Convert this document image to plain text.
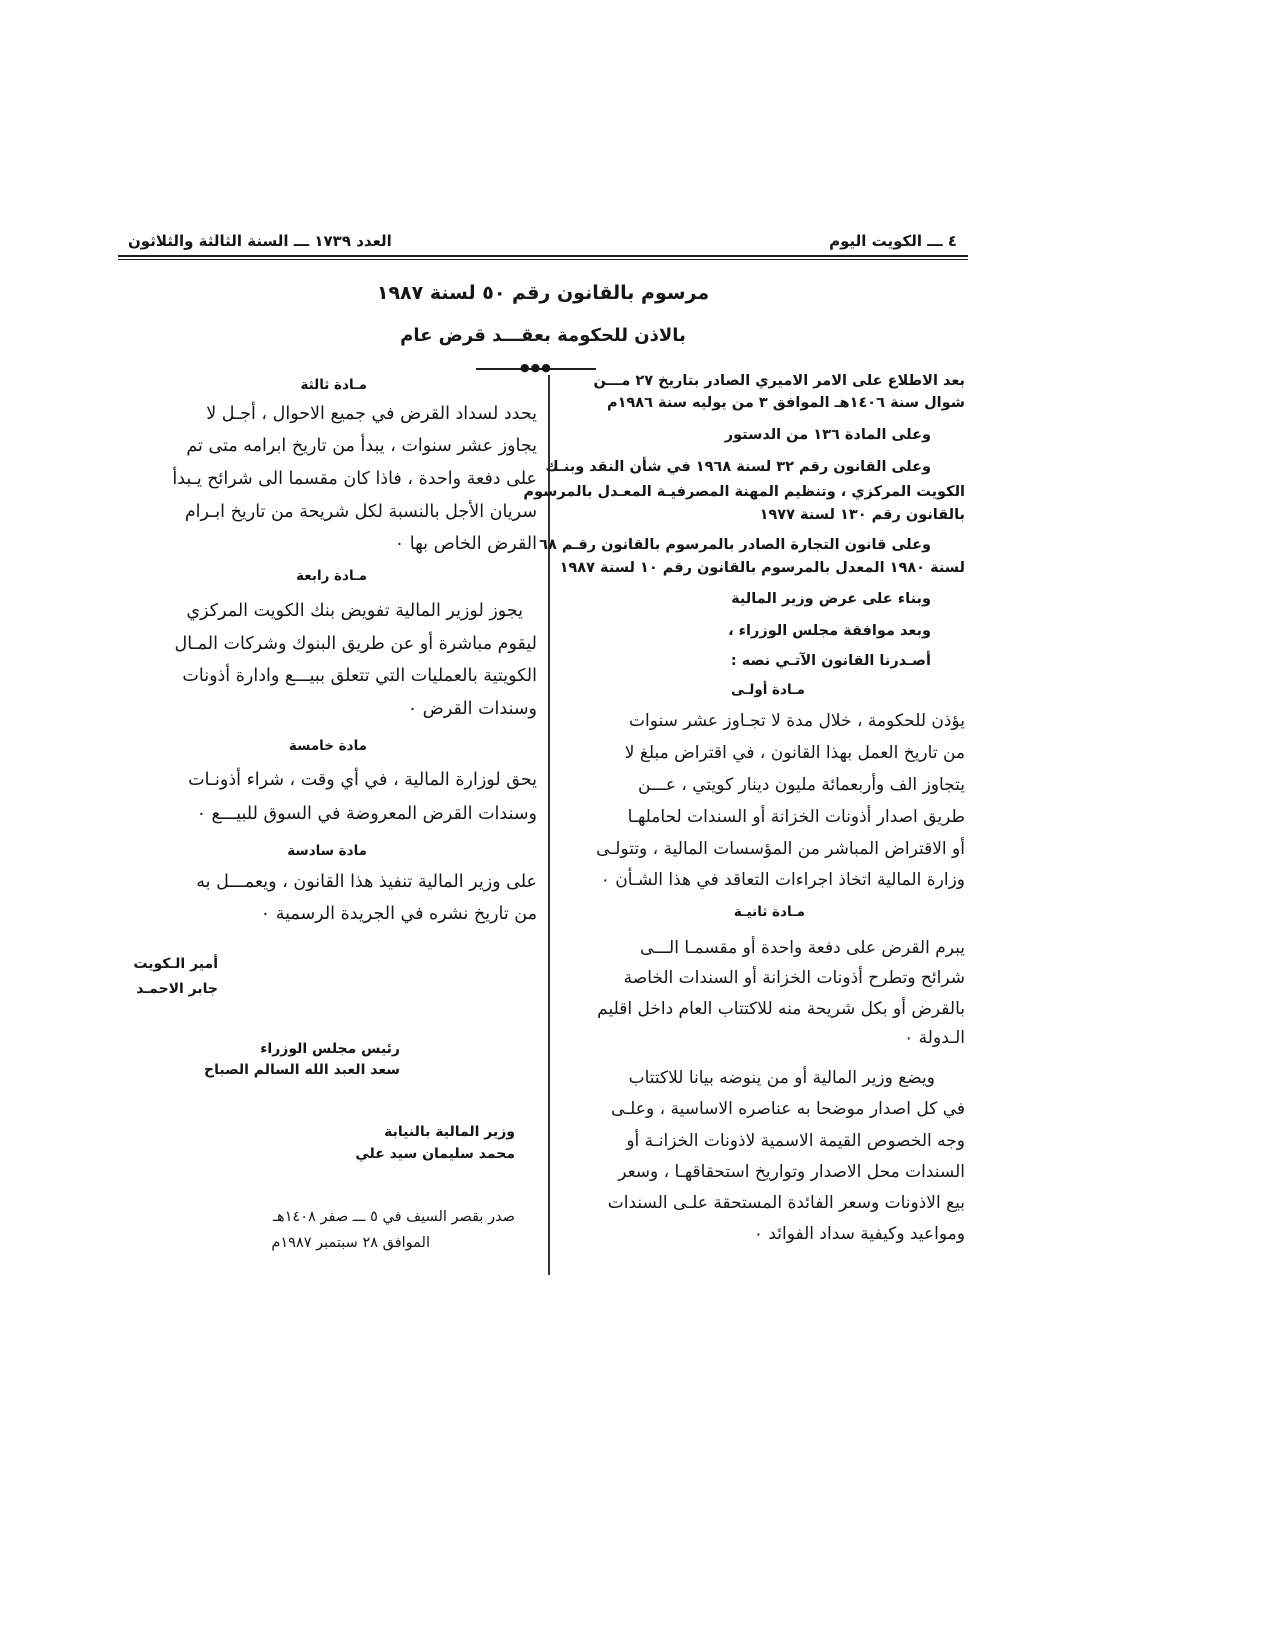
٤ ـــ الكويت اليوم
العدد ١٧٣٩ ـــ السنة الثالثة والثلاثون
مرسوم بالقانون رقم ٥٠ لسنة ١٩٨٧
بالاذن للحكومة بعقـــد قرض عام
●●●
بعد الاطلاع على الامر الاميري الصادر بتاريخ ٢٧ مـــن
شوال سنة ١٤٠٦هـ الموافق ٣ من يوليه سنة ١٩٨٦م
وعلى المادة ١٣٦ من الدستور
وعلى القانون رقم ٣٢ لسنة ١٩٦٨ في شأن النقد وبنـك
الكويت المركزي ، وتنظيم المهنة المصرفيـة المعـدل بالمرسوم
بالقانون رقم ١٣٠ لسنة ١٩٧٧
وعلى قانون التجارة الصادر بالمرسوم بالقانون رقـم ٦٨
لسنة ١٩٨٠ المعدل بالمرسوم بالقانون رقم ١٠ لسنة ١٩٨٧
وبناء على عرض وزير المالية
وبعد موافقة مجلس الوزراء ،
أصـدرنا القانون الآتـي نصه :
مـادة أولـى
يؤذن للحكومة ، خلال مدة لا تجـاوز عشر سنوات
من تاريخ العمل بهذا القانون ، في اقتراض مبلغ لا
يتجاوز الف وأربعمائة مليون دينار كويتي ، عـــن
طريق اصدار أذونات الخزانة أو السندات لحاملهـا
أو الاقتراض المباشر من المؤسسات المالية ، وتتولـى
وزارة المالية اتخاذ اجراءات التعاقد في هذا الشـأن ٠
مـادة ثانيـة
يبرم القرض على دفعة واحدة أو مقسمـا الـــى
شرائح وتطرح أذونات الخزانة أو السندات الخاصة
بالقرض أو بكل شريحة منه للاكتتاب العام داخل اقليم
الـدولة ٠
ويضع وزير المالية أو من ينوضه بيانا للاكتتاب
في كل اصدار موضحا به عناصره الاساسية ، وعلـى
وجه الخصوص القيمة الاسمية لاذونات الخزانـة أو
السندات محل الاصدار وتواريخ استحقاقهـا ، وسعر
بيع الاذونات وسعر الفائدة المستحقة علـى السندات
ومواعيد وكيفية سداد الفوائد ٠
مـادة ثالثة
يحدد لسداد القرض في جميع الاحوال ، أجـل لا
يجاوز عشر سنوات ، يبدأ من تاريخ ابرامه متى تم
على دفعة واحدة ، فاذا كان مقسما الى شرائح يـبدأ
سريان الأجل بالنسبة لكل شريحة من تاريخ ابـرام
القرض الخاص بها ٠
مـادة رابعة
يجوز لوزير المالية تفويض بنك الكويت المركزي
ليقوم مباشرة أو عن طريق البنوك وشركات المـال
الكويتية بالعمليات التي تتعلق ببيـــع وادارة أذونات
وسندات القرض ٠
مادة خامسة
يحق لوزارة المالية ، في أي وقت ، شراء أذونـات
وسندات القرض المعروضة في السوق للبيـــع ٠
مادة سادسة
على وزير المالية تنفيذ هذا القانون ، ويعمـــل به
من تاريخ نشره في الجريدة الرسمية ٠
أمير الـكويت
جابر الاحمـد
رئيس مجلس الوزراء
سعد العبد الله السالم الصباح
وزير المالية بالنيابة
محمد سليمان سيد علي
صدر بقصر السيف في ٥ ـــ صفر ١٤٠٨هـ
الموافق ٢٨ سبتمبر ١٩٨٧م
